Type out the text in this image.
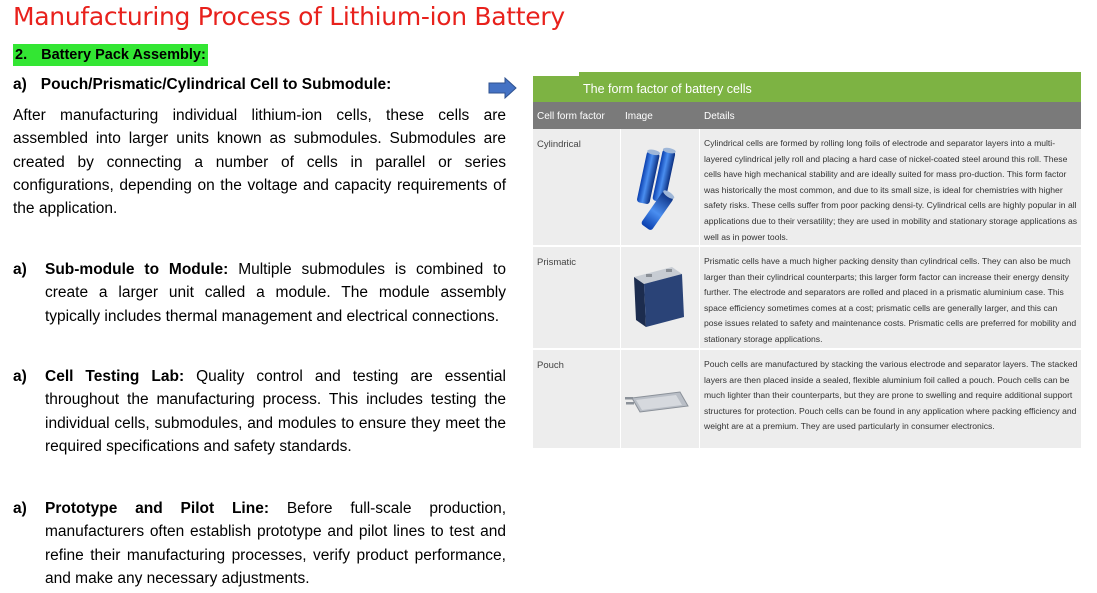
Manufacturing Process of Lithium-ion Battery
2. Battery Pack Assembly:
a) Pouch/Prismatic/Cylindrical Cell to Submodule:

After manufacturing individual lithium-ion cells, these cells are assembled into larger units known as submodules. Submodules are created by connecting a number of cells in parallel or series configurations, depending on the voltage and capacity requirements of the application.

a) Sub-module to Module: Multiple submodules is combined to create a larger unit called a module. The module assembly typically includes thermal management and electrical connections.

a) Cell Testing Lab: Quality control and testing are essential throughout the manufacturing process. This includes testing the individual cells, submodules, and modules to ensure they meet the required specifications and safety standards.

a) Prototype and Pilot Line: Before full-scale production, manufacturers often establish prototype and pilot lines to test and refine their manufacturing processes, verify product performance, and make any necessary adjustments.

The form factor of battery cells
Cell form factor Image	Details
Cylindrical	Cylindrical cells are formed by rolling long foils of electrode and separator layers into a multi-layered cylindrical jelly roll and placing a hard case of nickel-coated steel around this roll. These cells have high mechanical stability and are ideally suited for mass pro-duction. This form factor was historically the most common, and due to its small size, is ideal for chemistries with higher safety risks. These cells suffer from poor packing densi-ty. Cylindrical cells are highly popular in all applications due to their versatility; they are used in mobility and stationary storage applications as well as in power tools.

Prismatic	Prismatic cells have a much higher packing density than cylindrical cells. They can also be much larger than their cylindrical counterparts; this larger form factor can increase their energy density further. The electrode and separators are rolled and placed in a prismatic aluminium case. This space efficiency sometimes comes at a cost; prismatic cells are generally larger, and this can pose issues related to safety and maintenance costs. Prismatic cells are preferred for mobility and stationary storage applications.

Pouch	Pouch cells are manufactured by stacking the various electrode and separator layers. The stacked layers are then placed inside a sealed, flexible aluminium foil called a pouch. Pouch cells can be much lighter than their counterparts, but they are prone to swelling and require additional support structures for protection. Pouch cells can be found in any application where packing efficiency and weight are at a premium. They are used particularly in consumer electronics.
